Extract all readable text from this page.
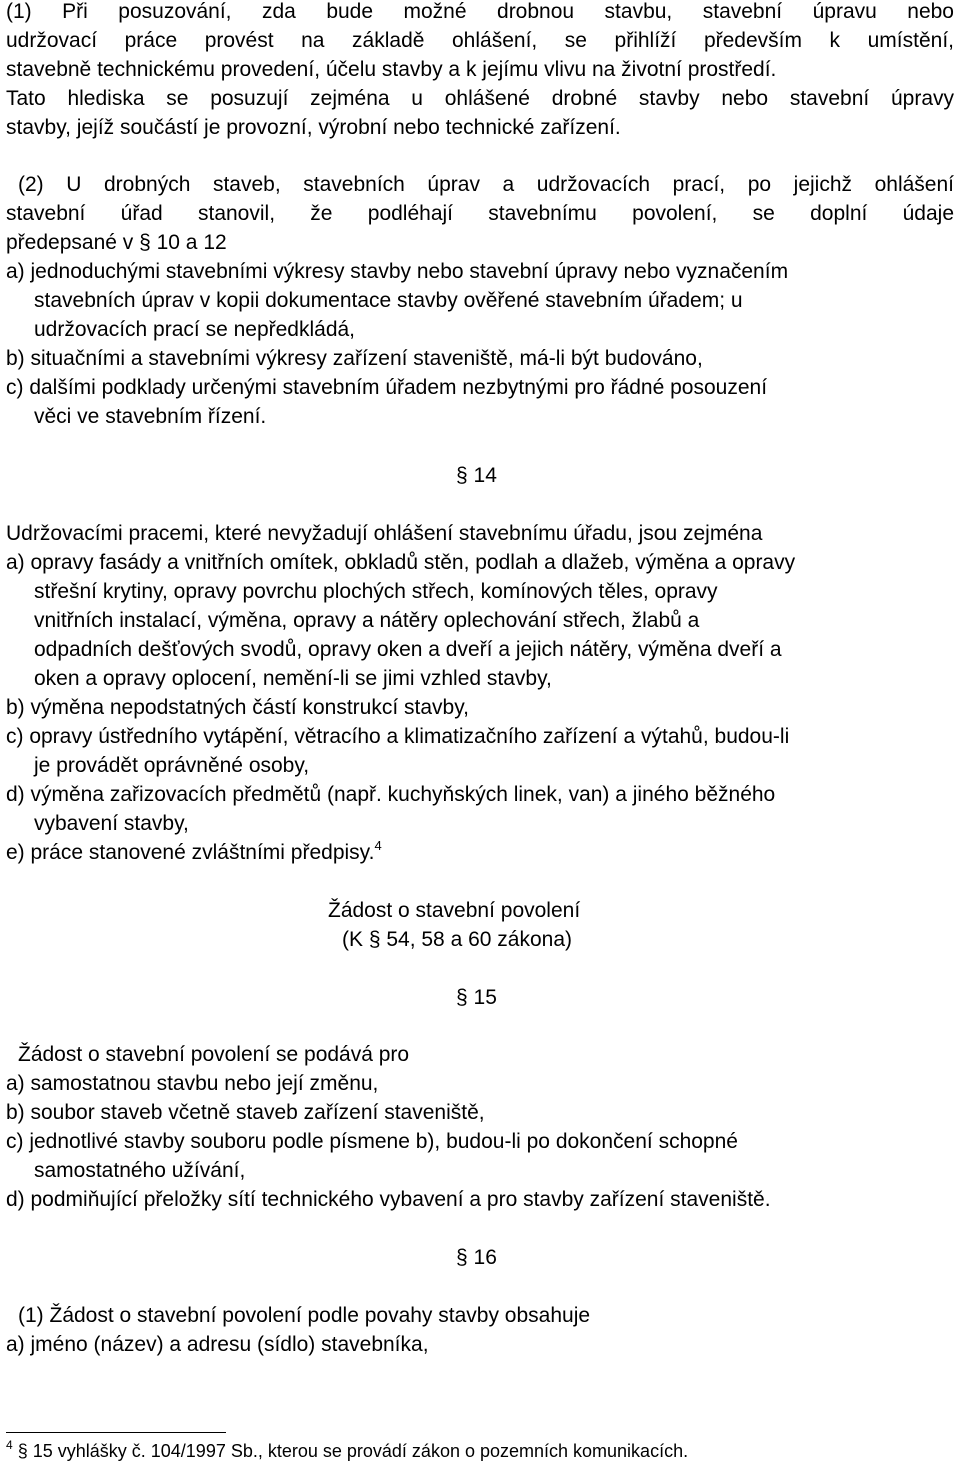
(1) Při posuzování, zda bude možné drobnou stavbu, stavební úpravu nebo
udržovací práce provést na základě ohlášení, se přihlíží především k umístění,
stavebně technickému provedení, účelu stavby a k jejímu vlivu na životní prostředí.
Tato hlediska se posuzují zejména u ohlášené drobné stavby nebo stavební úpravy
stavby, jejíž součástí je provozní, výrobní nebo technické zařízení.
(2) U drobných staveb, stavebních úprav a udržovacích prací, po jejichž ohlášení
stavební úřad stanovil, že podléhají stavebnímu povolení, se doplní údaje
předepsané v § 10 a 12
a) jednoduchými stavebními výkresy stavby nebo stavební úpravy nebo vyznačením
stavebních úprav v kopii dokumentace stavby ověřené stavebním úřadem; u
udržovacích prací se nepředkládá,
b) situačními a stavebními výkresy zařízení staveniště, má-li být budováno,
c) dalšími podklady určenými stavebním úřadem nezbytnými pro řádné posouzení
věci ve stavebním řízení.
§ 14
Udržovacími pracemi, které nevyžadují ohlášení stavebnímu úřadu, jsou zejména
a) opravy fasády a vnitřních omítek, obkladů stěn, podlah a dlažeb, výměna a opravy
střešní krytiny, opravy povrchu plochých střech, komínových těles, opravy
vnitřních instalací, výměna, opravy a nátěry oplechování střech, žlabů a
odpadních dešťových svodů, opravy oken a dveří a jejich nátěry, výměna dveří a
oken a opravy oplocení, nemění-li se jimi vzhled stavby,
b) výměna nepodstatných částí konstrukcí stavby,
c) opravy ústředního vytápění, větracího a klimatizačního zařízení a výtahů, budou-li
je provádět oprávněné osoby,
d) výměna zařizovacích předmětů (např. kuchyňských linek, van) a jiného běžného
vybavení stavby,
e) práce stanovené zvláštními předpisy.$^4$
Žádost o stavební povolení
(K § 54, 58 a 60 zákona)
§ 15
Žádost o stavební povolení se podává pro
a) samostatnou stavbu nebo její změnu,
b) soubor staveb včetně staveb zařízení staveniště,
c) jednotlivé stavby souboru podle písmene b), budou-li po dokončení schopné
samostatného užívání,
d) podmiňující přeložky sítí technického vybavení a pro stavby zařízení staveniště.
§ 16
(1) Žádost o stavební povolení podle povahy stavby obsahuje
a) jméno (název) a adresu (sídlo) stavebníka,
$^4$ § 15 vyhlášky č. 104/1997 Sb., kterou se provádí zákon o pozemních komunikacích.
